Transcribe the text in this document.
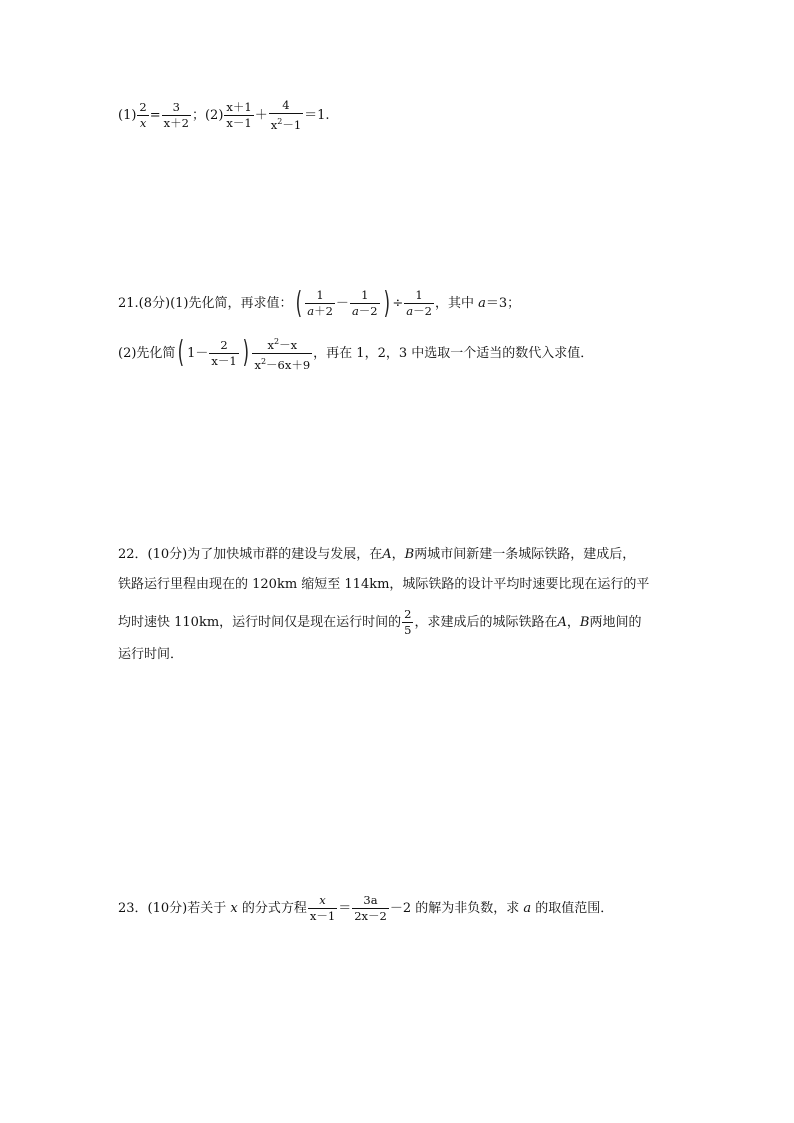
$(1) \frac{2}{x} = \frac{3}{x+2}$ ；$(2) \frac{x+1}{x-1} + \frac{4}{x^2-1} =1$.
21.(8分)(1)先化简，再求值：( $\frac{1}{a+2} - \frac{1}{a-2}$ ) ÷ $\frac{1}{a-2}$ ，其中 a＝3；
(2)先化简( $1- \frac{2}{x-1}$ ) $\frac{x^2-x}{x^2-6x+9}$ ，再在 1，2，3 中选取一个适当的数代入求值．
22．(10分)为了加快城市群的建设与发展，在A，B两城市间新建一条城际铁路，建成后，
铁路运行里程由现在的 120km 缩短至 114km，城际铁路的设计平均时速要比现在运行的平
均时速快 110km，运行时间仅是现在运行时间的 $\frac{2}{5}$ ，求建成后的城际铁路在A，B两地间的
运行时间．
23．(10分)若关于 x 的分式方程 $\frac{x}{x-1} = \frac{3a}{2x-2} -2$ 的解为非负数，求 a 的取值范围．
